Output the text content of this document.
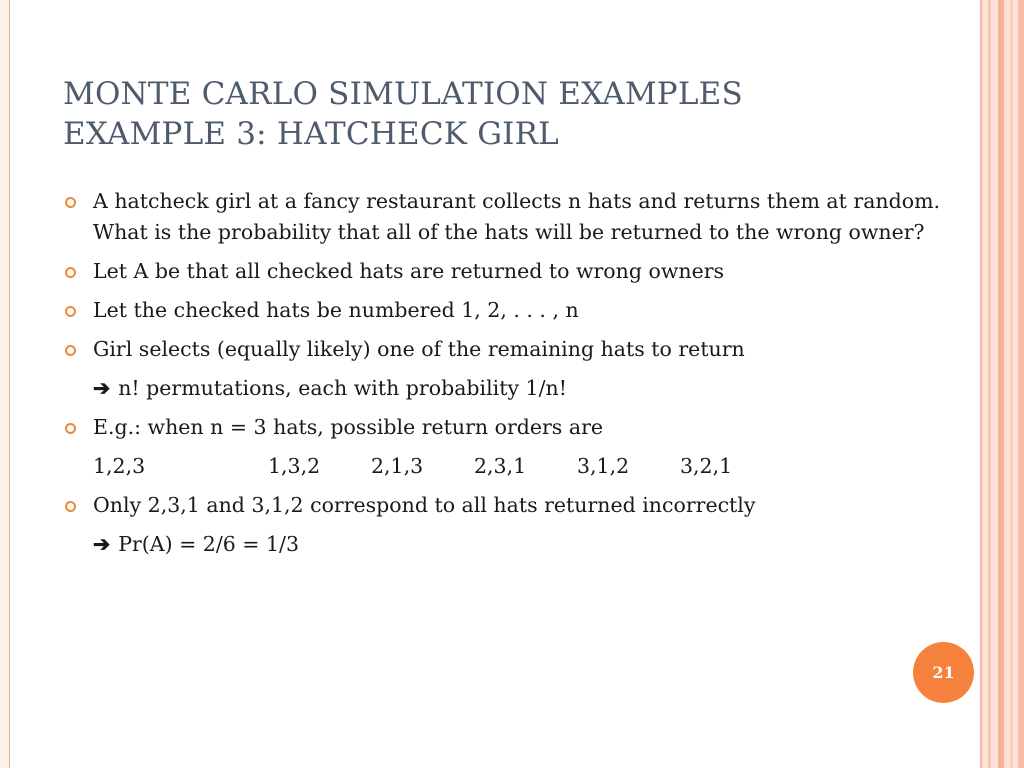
MONTE CARLO SIMULATION EXAMPLES
EXAMPLE 3: HATCHECK GIRL
A hatcheck girl at a fancy restaurant collects n hats and returns them at random. What is the probability that all of the hats will be returned to the wrong owner?
Let A be that all checked hats are returned to wrong owners
Let the checked hats be numbered 1, 2, . . . , n
Girl selects (equally likely) one of the remaining hats to return
➔ n! permutations, each with probability 1/n!
E.g.: when n = 3 hats, possible return orders are
1,2,3	1,3,2 2,1,3 2,3,1 3,1,2 3,2,1
Only 2,3,1 and 3,1,2 correspond to all hats returned incorrectly
➔ Pr(A) = 2/6 = 1/3
21
